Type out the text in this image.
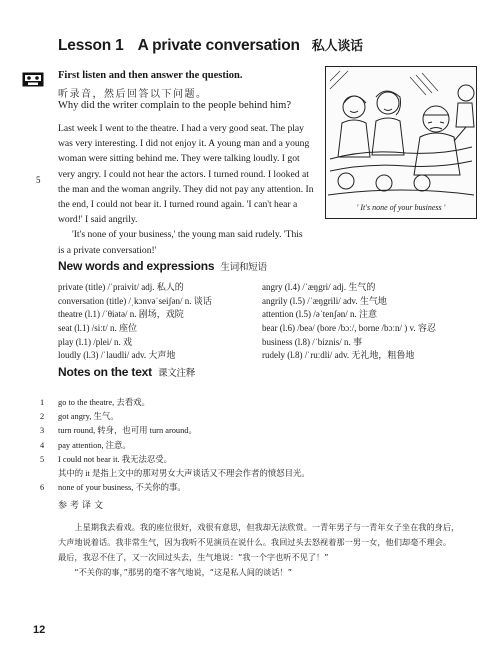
Lesson 1 A private conversation 私人谈话
First listen and then answer the question.
听录音，然后回答以下问题。
Why did the writer complain to the people behind him?
Last week I went to the theatre. I had a very good seat. The play
was very interesting. I did not enjoy it. A young man and a young
woman were sitting behind me. They were talking loudly. I got
very angry. I could not hear the actors. I turned round. I looked at
the man and the woman angrily. They did not pay any attention. In
the end, I could not bear it. I turned round again. 'I can't hear a
word!' I said angrily.
'It's none of your business,' the young man said rudely. 'This
is a private conversation!'
5
' It's none of your business '
New words and expressions 生词和短语
private (title) /ˈpraivit/ adj. 私人的
conversation (title) /ˌkɔnvəˈseiʃən/ n. 谈话
theatre (l.1) /ˈθiətə/ n. 剧场，戏院
seat (l.1) /siːt/ n. 座位
play (l.1) /plei/ n. 戏
loudly (l.3) /ˈlaudli/ adv. 大声地
angry (l.4) /ˈæŋgri/ adj. 生气的
angrily (l.5) /ˈæŋgrili/ adv. 生气地
attention (l.5) /əˈtenʃən/ n. 注意
bear (l.6) /beə/ (bore /bɔː/, borne /bɔːn/ ) v. 容忍
business (l.8) /ˈbiznis/ n. 事
rudely (l.8) /ˈruːdli/ adv. 无礼地，粗鲁地
Notes on the text 课文注释
1 go to the theatre, 去看戏。
2 got angry, 生气。
3 turn round, 转身，也可用 turn around。
4 pay attention, 注意。
5 I could not bear it. 我无法忍受。
其中的 it 是指上文中的那对男女大声谈话又不理会作者的愤怒目光。
6 none of your business, 不关你的事。
参考译文
　　上星期我去看戏。我的座位很好，戏很有意思，但我却无法欣赏。一青年男子与一青年女子坐在我的身后，
大声地说着话。我非常生气，因为我听不见演员在说什么。我回过头去怒视着那一男一女，他们却毫不理会。
最后，我忍不住了，又一次回过头去，生气地说：“我一个字也听不见了！”
　　“不关你的事，”那男的毫不客气地说，“这是私人间的谈话！”
12
